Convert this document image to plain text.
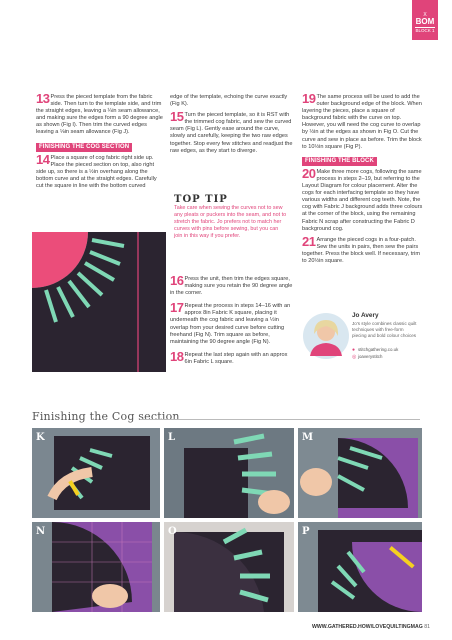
X
BOM
BLOCK 1

13 Press the pieced template from the fabric side. Then turn to the template side, and trim the straight edges, leaving a ¼in seam allowance, and making sure the edges form a 90 degree angle as shown (Fig I). Then trim the curved edges leaving a ⅛in seam allowance (Fig J).

FINISHING THE COG SECTION

14 Place a square of cog fabric right side up. Place the pieced section on top, also right side up, so there is a ½in overhang along the bottom curve and at the straight edges. Carefully cut the square in line with the bottom curved

edge of the template, echoing the curve exactly (Fig K).

15 Turn the pieced template, so it is RST with the trimmed cog fabric, and sew the curved seam (Fig L). Gently ease around the curve, slowly and carefully, keeping the two raw edges together. Stop every few stitches and readjust the raw edges, as they start to diverge.

TOP TIP
Take care when sewing the curves not to sew any pleats or puckers into the seam, and not to stretch the fabric. Jo prefers not to match her curves with pins before sewing, but you can join in this way if you prefer.

16 Press the unit, then trim the edges square, making sure you retain the 90 degree angle in the corner.

17 Repeat the process in steps 14–16 with an approx 8in Fabric K square, placing it underneath the cog fabric and leaving a ½in overlap from your desired curve before cutting freehand (Fig N). Trim square as before, maintaining the 90 degree angle (Fig N).

18 Repeat the last step again with an approx 6in Fabric L square.

19 The same process will be used to add the outer background edge of the block. When layering the pieces, place a square of background fabric with the curve on top. However, you will need the cog curve to overlap by ½in at the edges as shown in Fig O. Cut the curve and sew in place as before. Trim the block to 10½in square (Fig P).

FINISHING THE BLOCK

20 Make three more cogs, following the same process in steps 2–19, but referring to the Layout Diagram for colour placement. Alter the cogs for each interfacing template so they have various widths and different cog teeth. Note, the cog with Fabric J background adds three colours at the corner of the block, using the remaining Fabric N scrap after constructing the Fabric D background cog.

21 Arrange the pieced cogs in a four-patch. Sew the units in pairs, then sew the pairs together. Press the block well. If necessary, trim to 20½in square.

Jo Avery
Jo's style combines classic quilt techniques with free-form piecing and bold colour choices
● stitchgathering.co.uk
◎ joaverystitch
Finishing the Cog section
K	L	M
N	O	P
WWW.GATHERED.HOW/LOVEQUILTINGMAG 81
